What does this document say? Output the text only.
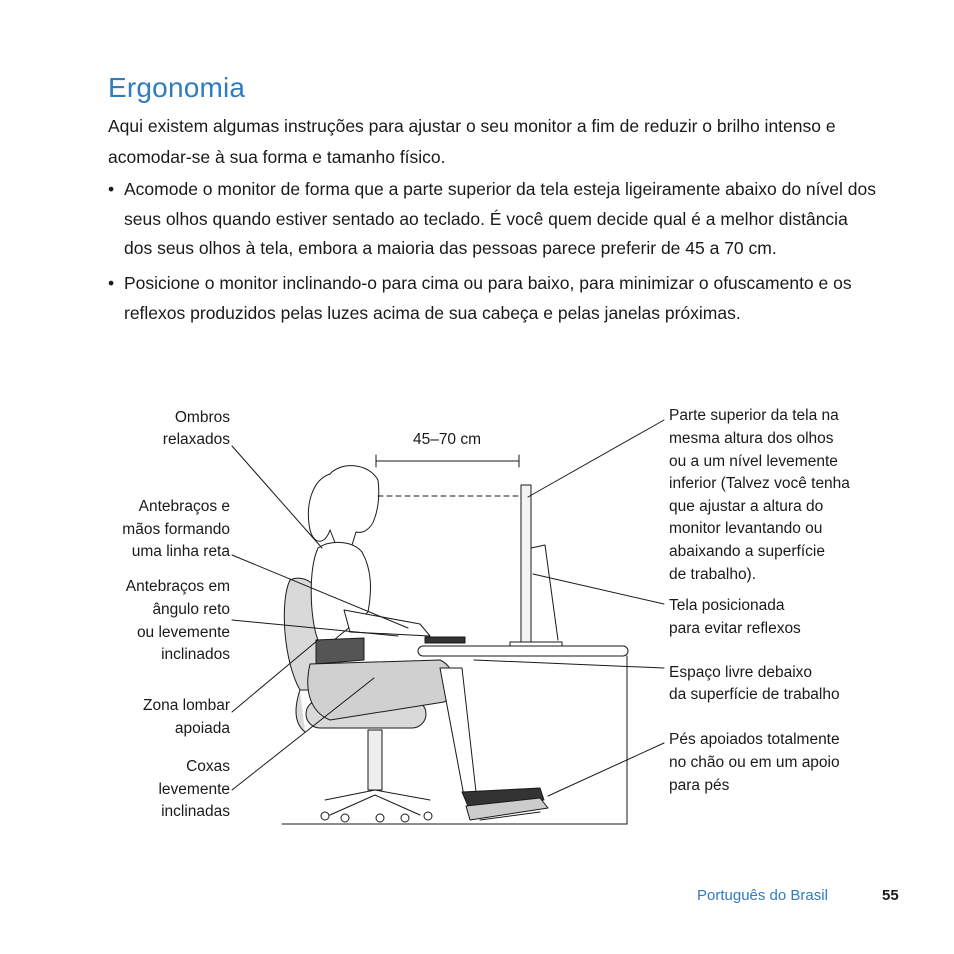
Ergonomia

Aqui existem algumas instruções para ajustar o seu monitor a fim de reduzir o brilho intenso e acomodar-se à sua forma e tamanho físico.

• Acomode o monitor de forma que a parte superior da tela esteja ligeiramente abaixo do nível dos seus olhos quando estiver sentado ao teclado. É você quem decide qual é a melhor distância dos seus olhos à tela, embora a maioria das pessoas parece preferir de 45 a 70 cm.
• Posicione o monitor inclinando-o para cima ou para baixo, para minimizar o ofuscamento e os reflexos produzidos pelas luzes acima de sua cabeça e pelas janelas próximas.
45–70 cm
Ombros
relaxados
Antebraços e
mãos formando
uma linha reta
Antebraços em
ângulo reto
ou levemente
inclinados
Zona lombar
apoiada
Coxas
levemente
inclinadas
Parte superior da tela na
mesma altura dos olhos
ou a um nível levemente
inferior (Talvez você tenha
que ajustar a altura do
monitor levantando ou
abaixando a superfície
de trabalho).
Tela posicionada
para evitar reflexos
Espaço livre debaixo
da superfície de trabalho
Pés apoiados totalmente
no chão ou em um apoio
para pés
Português do Brasil	55
